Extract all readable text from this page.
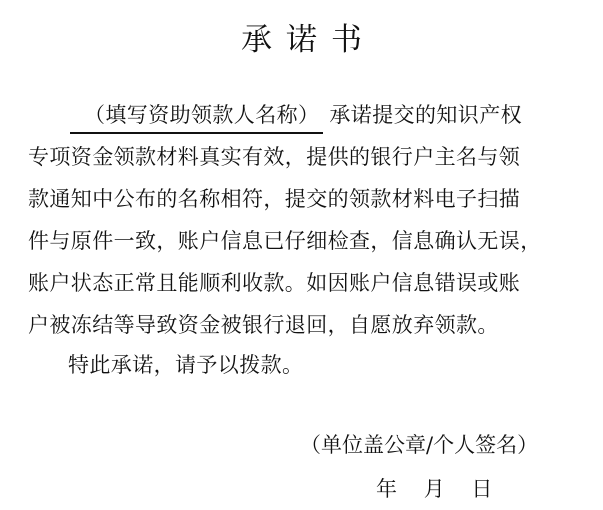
承诺书
（填写资助领款人名称） 承诺提交的知识产权
专项资金领款材料真实有效，提供的银行户主名与领
款通知中公布的名称相符，提交的领款材料电子扫描
件与原件一致，账户信息已仔细检查，信息确认无误，
账户状态正常且能顺利收款。如因账户信息错误或账
户被冻结等导致资金被银行退回，自愿放弃领款。
特此承诺，请予以拨款。
（单位盖公章/个人签名）
年    月    日
